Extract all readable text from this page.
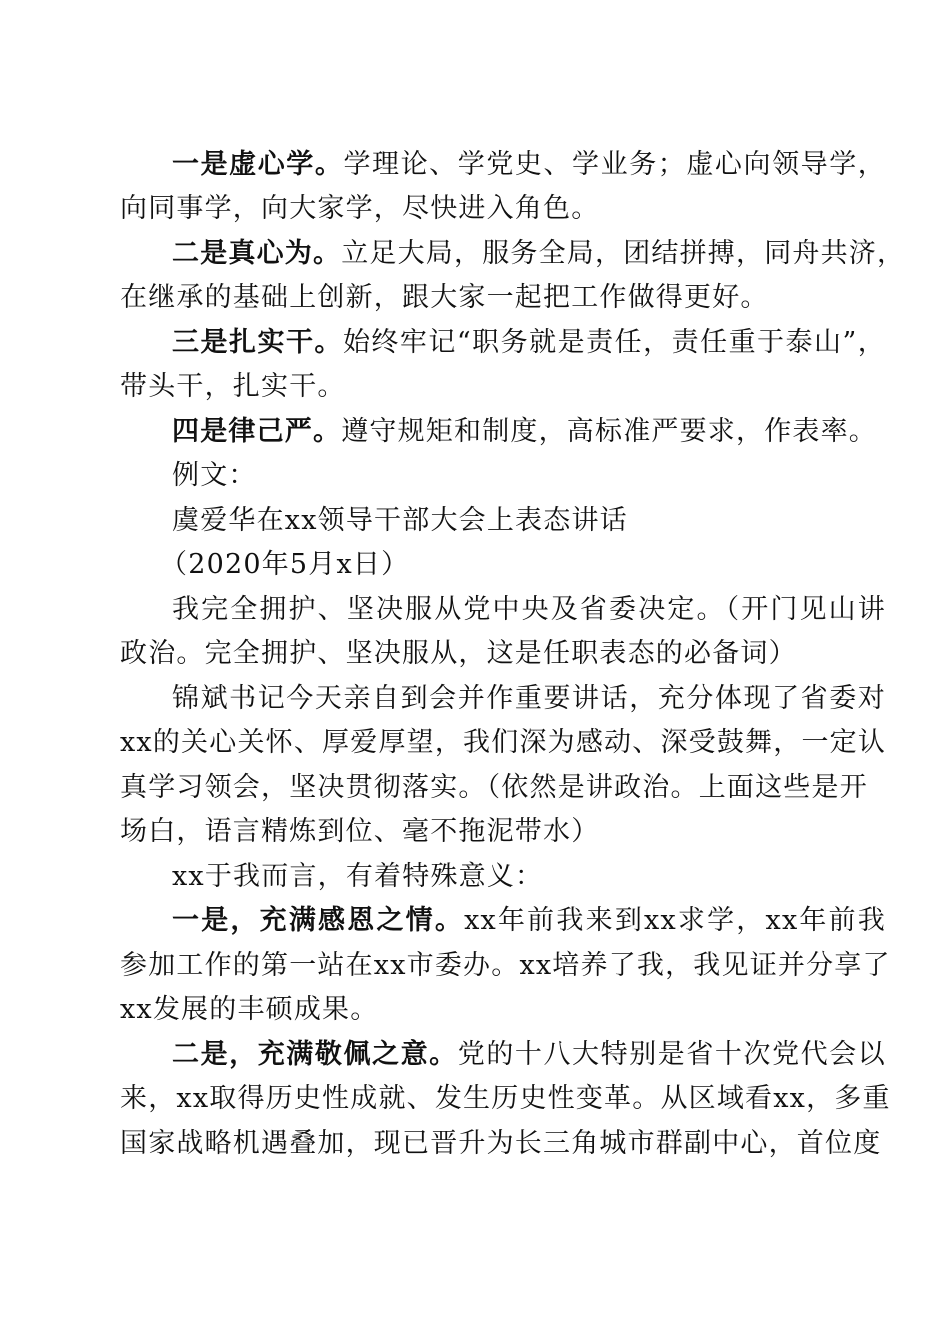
一是虚心学。学理论、学党史、学业务；虚心向领导学，
向同事学，向大家学，尽快进入角色。
二是真心为。立足大局，服务全局，团结拼搏，同舟共济，
在继承的基础上创新，跟大家一起把工作做得更好。
三是扎实干。始终牢记“职务就是责任，责任重于泰山”，
带头干，扎实干。
四是律己严。遵守规矩和制度，高标准严要求，作表率。
例文：
虞爱华在xx领导干部大会上表态讲话
（2020年5月x日）
我完全拥护、坚决服从党中央及省委决定。（开门见山讲
政治。完全拥护、坚决服从，这是任职表态的必备词）
锦斌书记今天亲自到会并作重要讲话，充分体现了省委对
xx的关心关怀、厚爱厚望，我们深为感动、深受鼓舞，一定认
真学习领会，坚决贯彻落实。（依然是讲政治。上面这些是开
场白，语言精炼到位、毫不拖泥带水）
xx于我而言，有着特殊意义：
一是，充满感恩之情。xx年前我来到xx求学，xx年前我
参加工作的第一站在xx市委办。xx培养了我，我见证并分享了
xx发展的丰硕成果。
二是，充满敬佩之意。党的十八大特别是省十次党代会以
来，xx取得历史性成就、发生历史性变革。从区域看xx，多重
国家战略机遇叠加，现已晋升为长三角城市群副中心，首位度
